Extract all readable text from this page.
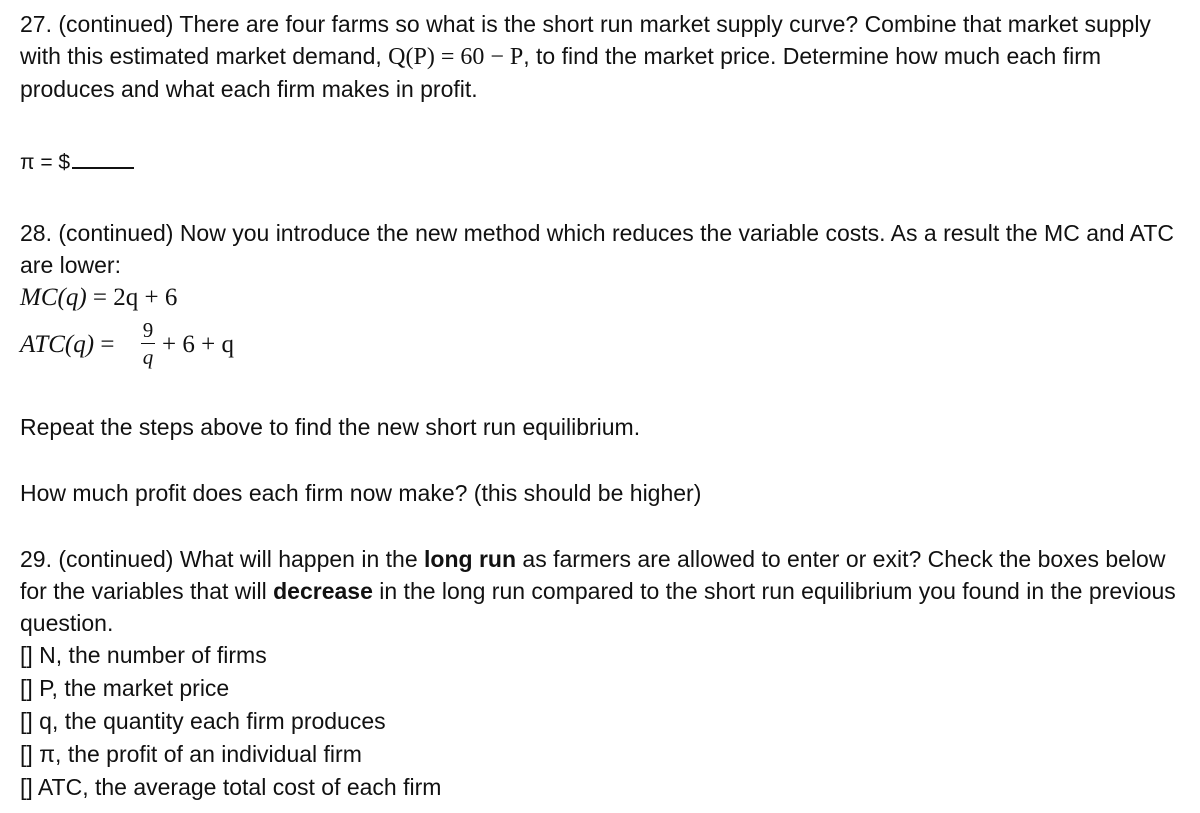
27. (continued) There are four farms so what is the short run market supply curve? Combine that market supply with this estimated market demand, Q(P) = 60 − P, to find the market price. Determine how much each firm produces and what each firm makes in profit.

π = $

28. (continued) Now you introduce the new method which reduces the variable costs. As a result the MC and ATC are lower:

MC(q) = 2q + 6
ATC(q) =
9
q + 6 + q

Repeat the steps above to find the new short run equilibrium.

How much profit does each firm now make? (this should be higher)

29. (continued) What will happen in the long run as farmers are allowed to enter or exit? Check the boxes below for the variables that will decrease in the long run compared to the short run equilibrium you found in the previous question.

[] N, the number of firms

[] P, the market price

[] q, the quantity each firm produces

[] π, the profit of an individual firm

[] ATC, the average total cost of each firm
